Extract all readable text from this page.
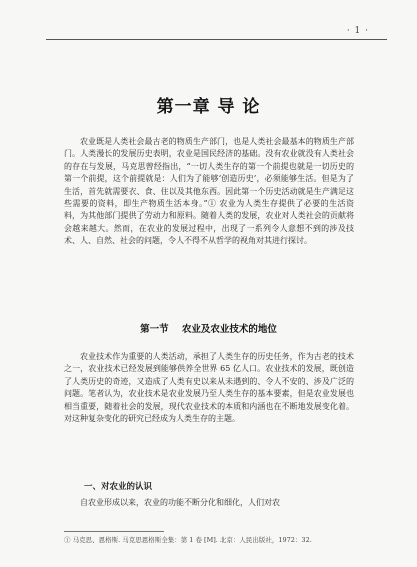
· 1 ·
第一章 导 论

农业既是人类社会最古老的物质生产部门，也是人类社会最基本的物质生产部门。人类漫长的发展历史表明，农业是国民经济的基础。没有农业就没有人类社会的存在与发展，马克思曾经指出，“一切人类生存的第一个前提也就是一切历史的第一个前提，这个前提就是：人们为了能够‘创造历史’，必须能够生活。但是为了生活，首先就需要衣、食、住以及其他东西。因此第一个历史活动就是生产满足这些需要的资料，即生产物质生活本身。”① 农业为人类生存提供了必要的生活资料，为其他部门提供了劳动力和原料。随着人类的发展，农业对人类社会的贡献将会越来越大。然而，在农业的发展过程中，出现了一系列令人意想不到的涉及技术、人、自然、社会的问题，令人不得不从哲学的视角对其进行探讨。

第一节    农业及农业技术的地位

农业技术作为重要的人类活动，承担了人类生存的历史任务，作为古老的技术之一，农业技术已经发展到能够供养全世界 65 亿人口。农业技术的发展，既创造了人类历史的奇迹，又造成了人类有史以来从未遇到的、令人不安的、涉及广泛的问题。笔者认为，农业技术是农业发展乃至人类生存的基本要素，但是农业发展也相当重要，随着社会的发展，现代农业技术的本质和内涵也在不断地发展变化着。对这种复杂变化的研究已经成为人类生存的主题。

一、对农业的认识

自农业形成以来，农业的功能不断分化和细化，人们对农

① 马克思、恩格斯. 马克思恩格斯全集：第 1 卷 [M]. 北京：人民出版社，1972：32.
